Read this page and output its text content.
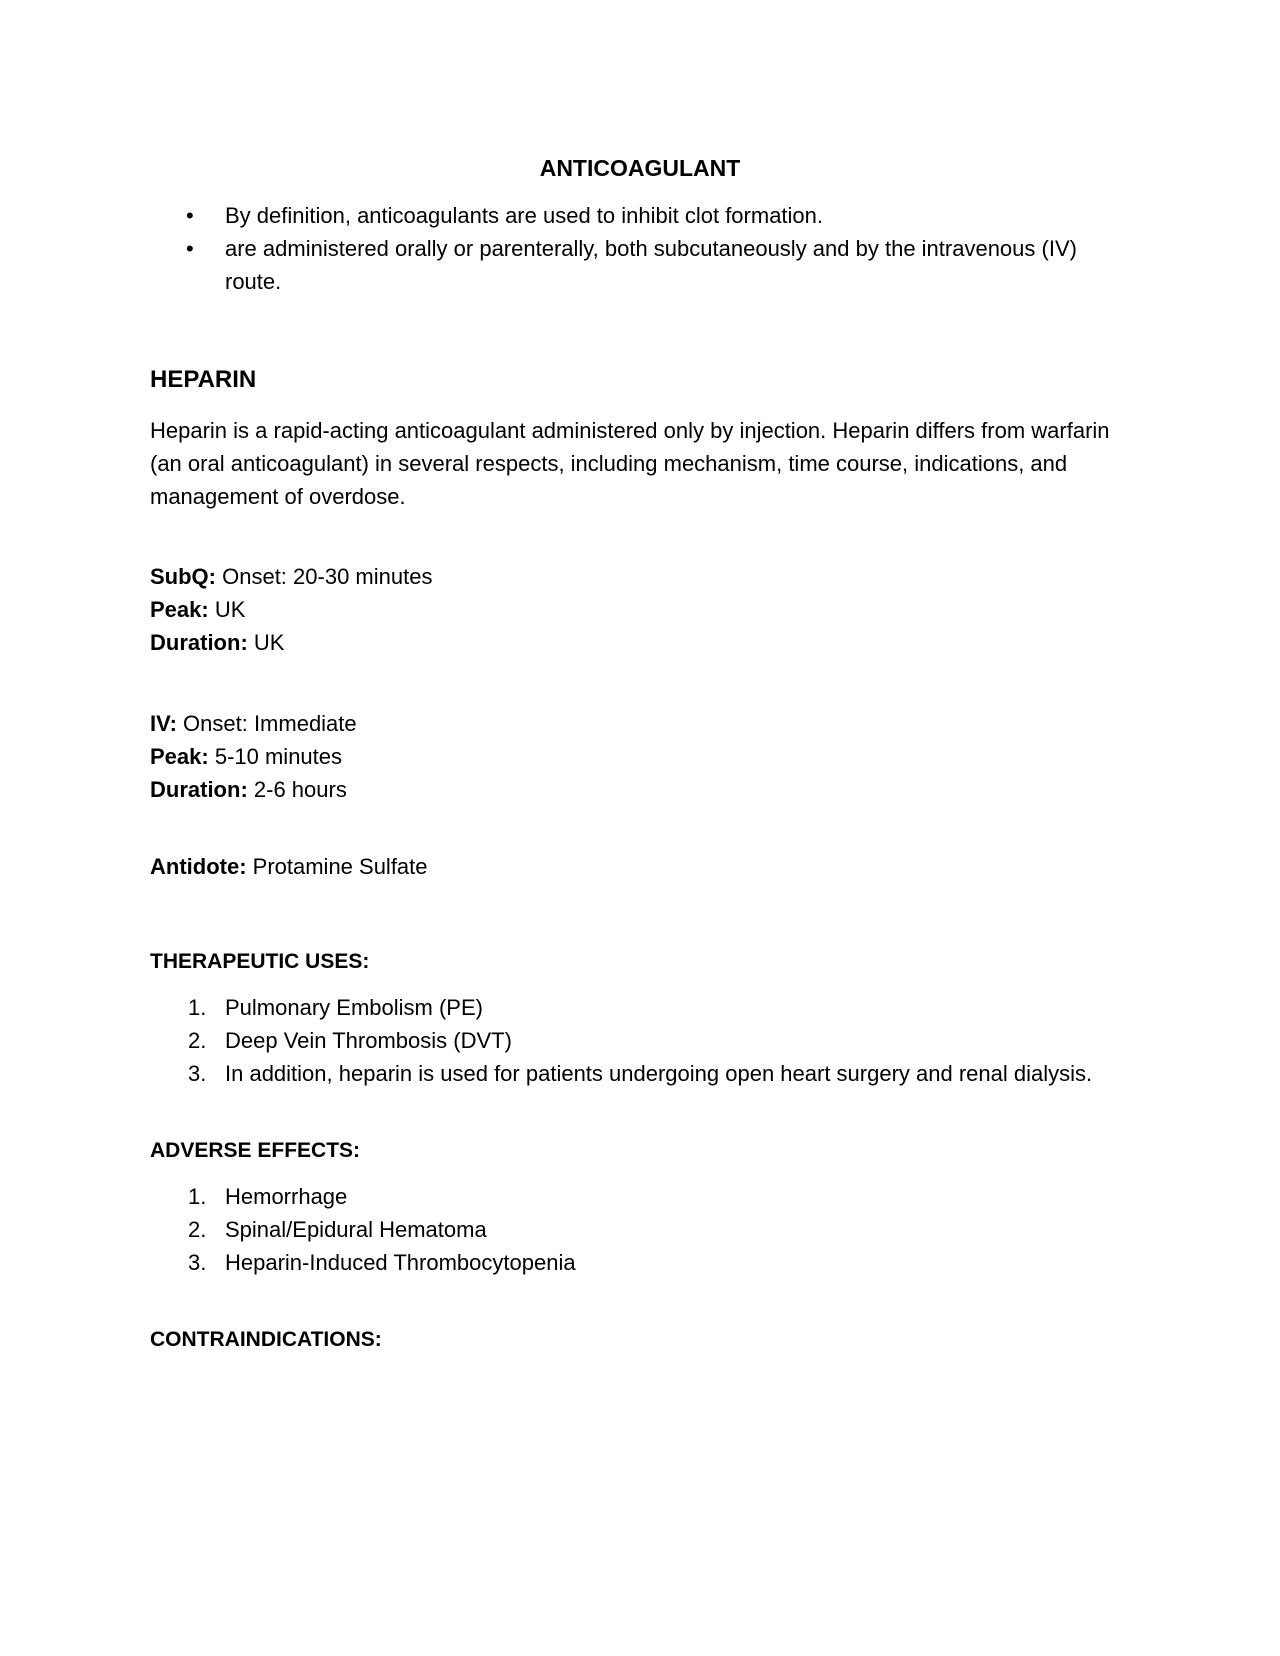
ANTICOAGULANT
•	By definition, anticoagulants are used to inhibit clot formation.
•	are administered orally or parenterally, both subcutaneously and by the intravenous (IV) route.
HEPARIN

Heparin is a rapid-acting anticoagulant administered only by injection. Heparin differs from warfarin (an oral anticoagulant) in several respects, including mechanism, time course, indications, and management of overdose.

SubQ: Onset: 20-30 minutes

Peak: UK

Duration: UK

IV: Onset: Immediate

Peak: 5-10 minutes

Duration: 2-6 hours

Antidote: Protamine Sulfate

THERAPEUTIC USES:
1. Pulmonary Embolism (PE)
2. Deep Vein Thrombosis (DVT)
3. In addition, heparin is used for patients undergoing open heart surgery and renal dialysis.
ADVERSE EFFECTS:
1. Hemorrhage
2. Spinal/Epidural Hematoma
3. Heparin-Induced Thrombocytopenia
CONTRAINDICATIONS:
